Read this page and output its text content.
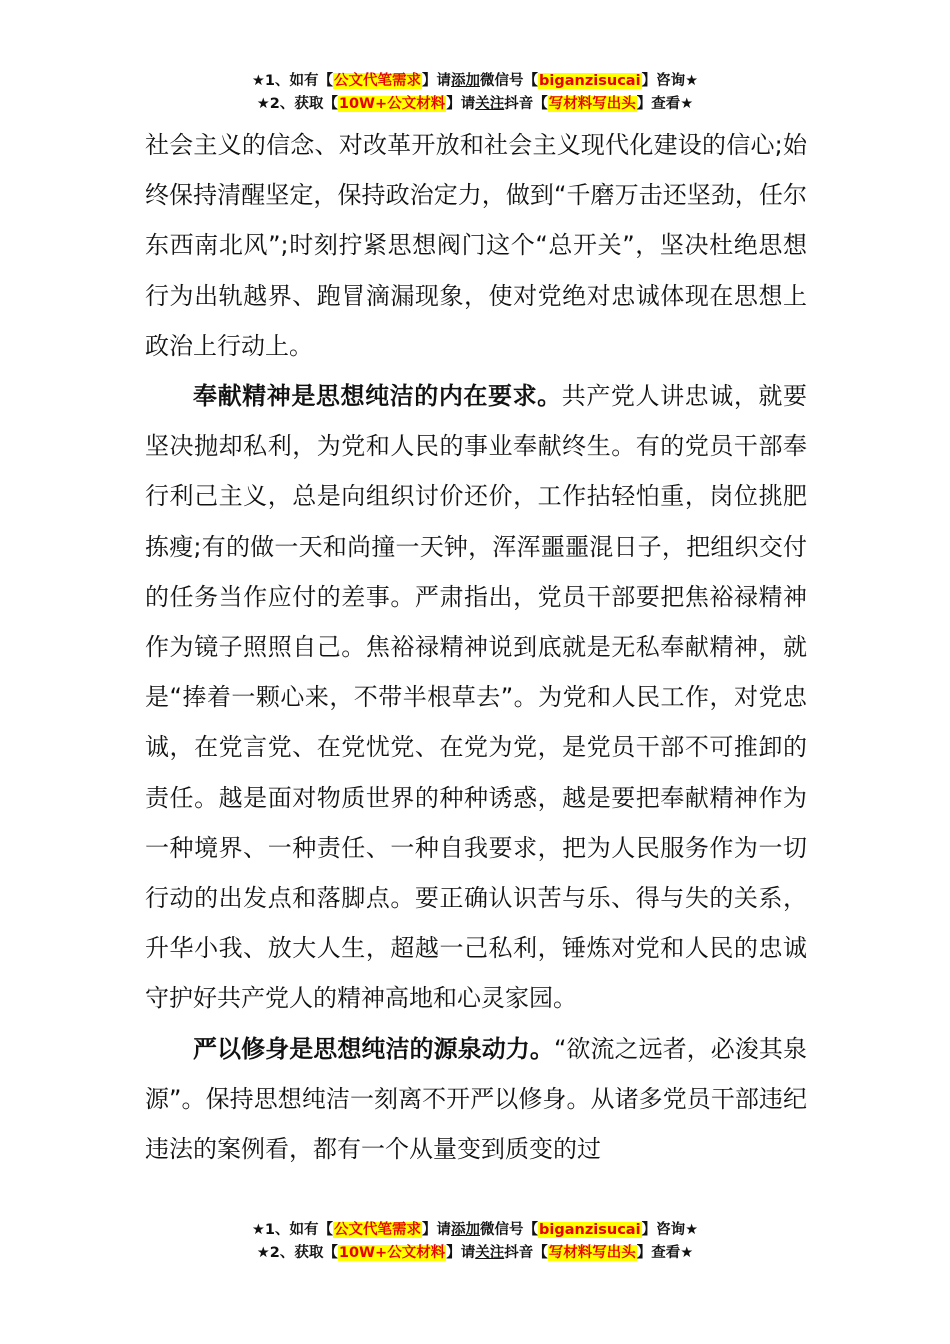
★1、如有【公文代笔需求】请添加微信号【biganzisucai】咨询★
★2、获取【10W+公文材料】请关注抖音【写材料写出头】查看★

社会主义的信念、对改革开放和社会主义现代化建设的信心;始终保持清醒坚定，保持政治定力，做到“千磨万击还坚劲，任尔东西南北风”;时刻拧紧思想阀门这个“总开关”，坚决杜绝思想行为出轨越界、跑冒滴漏现象，使对党绝对忠诚体现在思想上政治上行动上。

奉献精神是思想纯洁的内在要求。共产党人讲忠诚，就要坚决抛却私利，为党和人民的事业奉献终生。有的党员干部奉行利己主义，总是向组织讨价还价，工作拈轻怕重，岗位挑肥拣瘦;有的做一天和尚撞一天钟，浑浑噩噩混日子，把组织交付的任务当作应付的差事。严肃指出，党员干部要把焦裕禄精神作为镜子照照自己。焦裕禄精神说到底就是无私奉献精神，就是“捧着一颗心来，不带半根草去”。为党和人民工作，对党忠诚，在党言党、在党忧党、在党为党，是党员干部不可推卸的责任。越是面对物质世界的种种诱惑，越是要把奉献精神作为一种境界、一种责任、一种自我要求，把为人民服务作为一切行动的出发点和落脚点。要正确认识苦与乐、得与失的关系，升华小我、放大人生，超越一己私利，锤炼对党和人民的忠诚守护好共产党人的精神高地和心灵家园。

严以修身是思想纯洁的源泉动力。“欲流之远者，必浚其泉源”。保持思想纯洁一刻离不开严以修身。从诸多党员干部违纪违法的案例看，都有一个从量变到质变的过

★1、如有【公文代笔需求】请添加微信号【biganzisucai】咨询★
★2、获取【10W+公文材料】请关注抖音【写材料写出头】查看★
